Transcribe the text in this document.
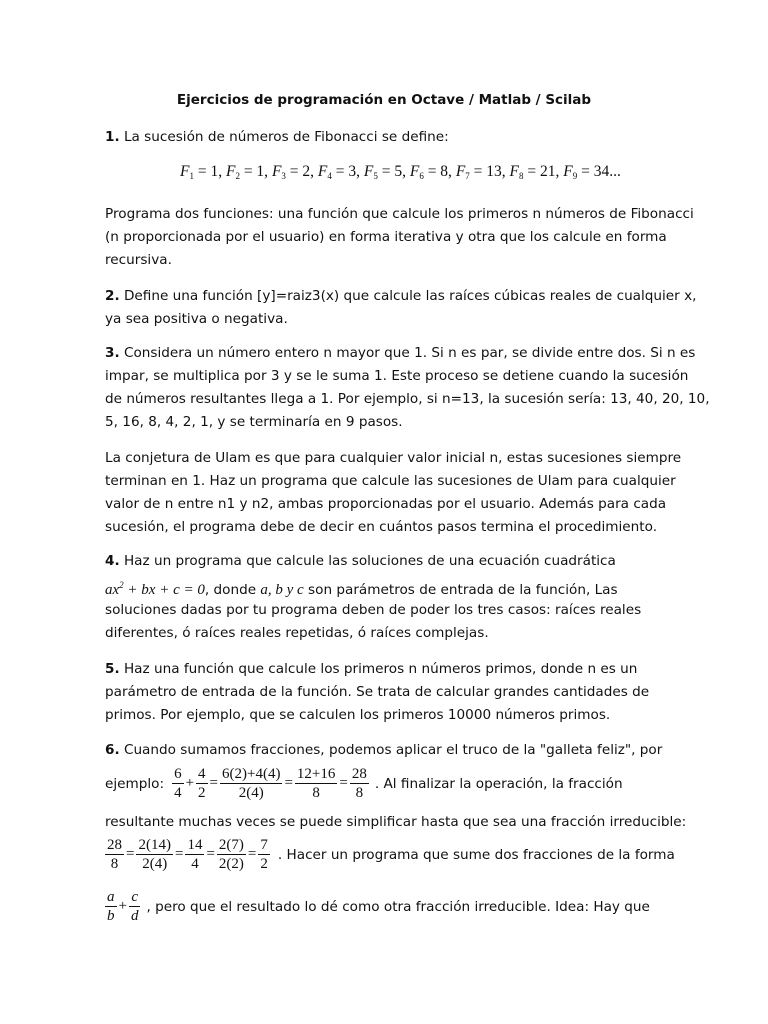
Ejercicios de programación en Octave / Matlab / Scilab
1. La sucesión de números de Fibonacci se define:
$F_1 = 1$, $F_2 = 1$, $F_3 = 2$, $F_4 = 3$, $F_5 = 5$, $F_6 = 8$, $F_7 = 13$, $F_8 = 21$, $F_9 = 34$...
Programa dos funciones: una función que calcule los primeros n números de Fibonacci
(n proporcionada por el usuario) en forma iterativa y otra que los calcule en forma
recursiva.
2. Define una función [y]=raiz3(x) que calcule las raíces cúbicas reales de cualquier x,
ya sea positiva o negativa.
3. Considera un número entero n mayor que 1. Si n es par, se divide entre dos. Si n es
impar, se multiplica por 3 y se le suma 1. Este proceso se detiene cuando la sucesión
de números resultantes llega a 1. Por ejemplo, si n=13, la sucesión sería: 13, 40, 20, 10,
5, 16, 8, 4, 2, 1, y se terminaría en 9 pasos.
La conjetura de Ulam es que para cualquier valor inicial n, estas sucesiones siempre
terminan en 1. Haz un programa que calcule las sucesiones de Ulam para cualquier
valor de n entre n1 y n2, ambas proporcionadas por el usuario. Además para cada
sucesión, el programa debe de decir en cuántos pasos termina el procedimiento.
4. Haz un programa que calcule las soluciones de una ecuación cuadrática
$ax^2$ + bx + c = 0, donde a, b y c son parámetros de entrada de la función, Las
soluciones dadas por tu programa deben de poder los tres casos: raíces reales
diferentes, ó raíces reales repetidas, ó raíces complejas.
5. Haz una función que calcule los primeros n números primos, donde n es un
parámetro de entrada de la función. Se trata de calcular grandes cantidades de
primos. Por ejemplo, que se calculen los primeros 10000 números primos.
6. Cuando sumamos fracciones, podemos aplicar el truco de la "galleta feliz", por
ejemplo: $\frac{6}{4} + \frac{4}{2} = \frac{6(2)+4(4)}{2(4)} = \frac{12+16}{8} = \frac{28}{8}$ . Al finalizar la operación, la fracción
resultante muchas veces se puede simplificar hasta que sea una fracción irreducible:
$\frac{28}{8} = \frac{2(14)}{2(4)} = \frac{14}{4} = \frac{2(7)}{2(2)} = \frac{7}{2}$ . Hacer un programa que sume dos fracciones de la forma
$\frac{a}{b} + \frac{c}{d}$ , pero que el resultado lo dé como otra fracción irreducible. Idea: Hay que
